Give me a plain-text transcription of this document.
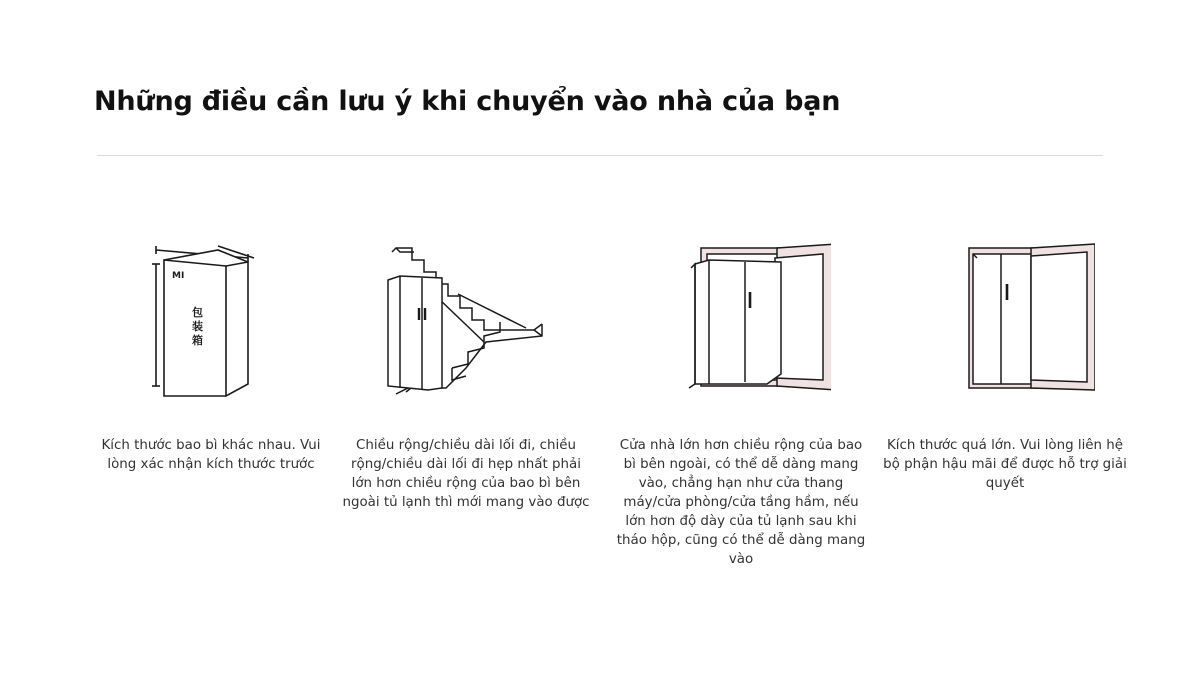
Những điều cần lưu ý khi chuyển vào nhà của bạn
MI
包
装
箱
Kích thước bao bì khác nhau. Vui lòng xác nhận kích thước trước
Chiều rộng/chiều dài lối đi, chiều rộng/chiều dài lối đi hẹp nhất phải lớn hơn chiều rộng của bao bì bên ngoài tủ lạnh thì mới mang vào được
Cửa nhà lớn hơn chiều rộng của bao bì bên ngoài, có thể dễ dàng mang vào, chẳng hạn như cửa thang máy/cửa phòng/cửa tầng hầm, nếu lớn hơn độ dày của tủ lạnh sau khi tháo hộp, cũng có thể dễ dàng mang vào
Kích thước quá lớn. Vui lòng liên hệ bộ phận hậu mãi để được hỗ trợ giải quyết
